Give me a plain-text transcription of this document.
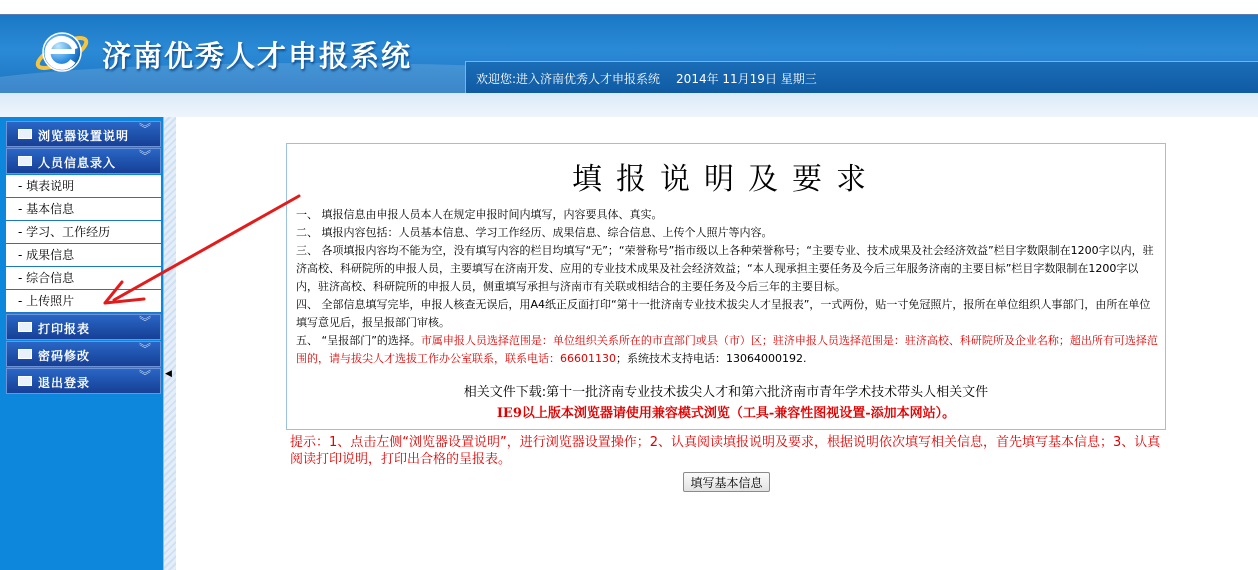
济南优秀人才申报系统
欢迎您:进入济南优秀人才申报系统 2014年 11月19日 星期三
浏览器设置说明 ︾
人员信息录入 ︾
- 填表说明
- 基本信息
- 学习、工作经历
- 成果信息
- 综合信息
- 上传照片
打印报表	︾
密码修改	︾
退出登录	︾ ◀
填报说明及要求

一、 填报信息由申报人员本人在规定申报时间内填写，内容要具体、真实。

二、 填报内容包括：人员基本信息、学习工作经历、成果信息、综合信息、上传个人照片等内容。

三、 各项填报内容均不能为空，没有填写内容的栏目均填写“无”；“荣誉称号”指市级以上各种荣誉称号；“主要专业、技术成果及社会经济效益”栏目字数限制在1200字以内，驻济高校、科研院所的申报人员，主要填写在济南开发、应用的专业技术成果及社会经济效益；“本人现承担主要任务及今后三年服务济南的主要目标”栏目字数限制在1200字以内，驻济高校、科研院所的申报人员，侧重填写承担与济南市有关联或相结合的主要任务及今后三年的主要目标。

四、 全部信息填写完毕，申报人核查无误后，用A4纸正反面打印“第十一批济南专业技术拔尖人才呈报表”，一式两份，贴一寸免冠照片，报所在单位组织人事部门，由所在单位填写意见后，报呈报部门审核。

五、 “呈报部门”的选择。市属申报人员选择范围是：单位组织关系所在的市直部门或县（市）区；驻济申报人员选择范围是：驻济高校、科研院所及企业名称；超出所有可选择范围的，请与拔尖人才选拔工作办公室联系，联系电话：66601130；系统技术支持电话：13064000192.

相关文件下载:第十一批济南专业技术拔尖人才和第六批济南市青年学术技术带头人相关文件
IE9以上版本浏览器请使用兼容模式浏览（工具-兼容性图视设置-添加本网站）。
提示：1、点击左侧“浏览器设置说明”，进行浏览器设置操作；2、认真阅读填报说明及要求，根据说明依次填写相关信息，首先填写基本信息；3、认真阅读打印说明，打印出合格的呈报表。
填写基本信息
